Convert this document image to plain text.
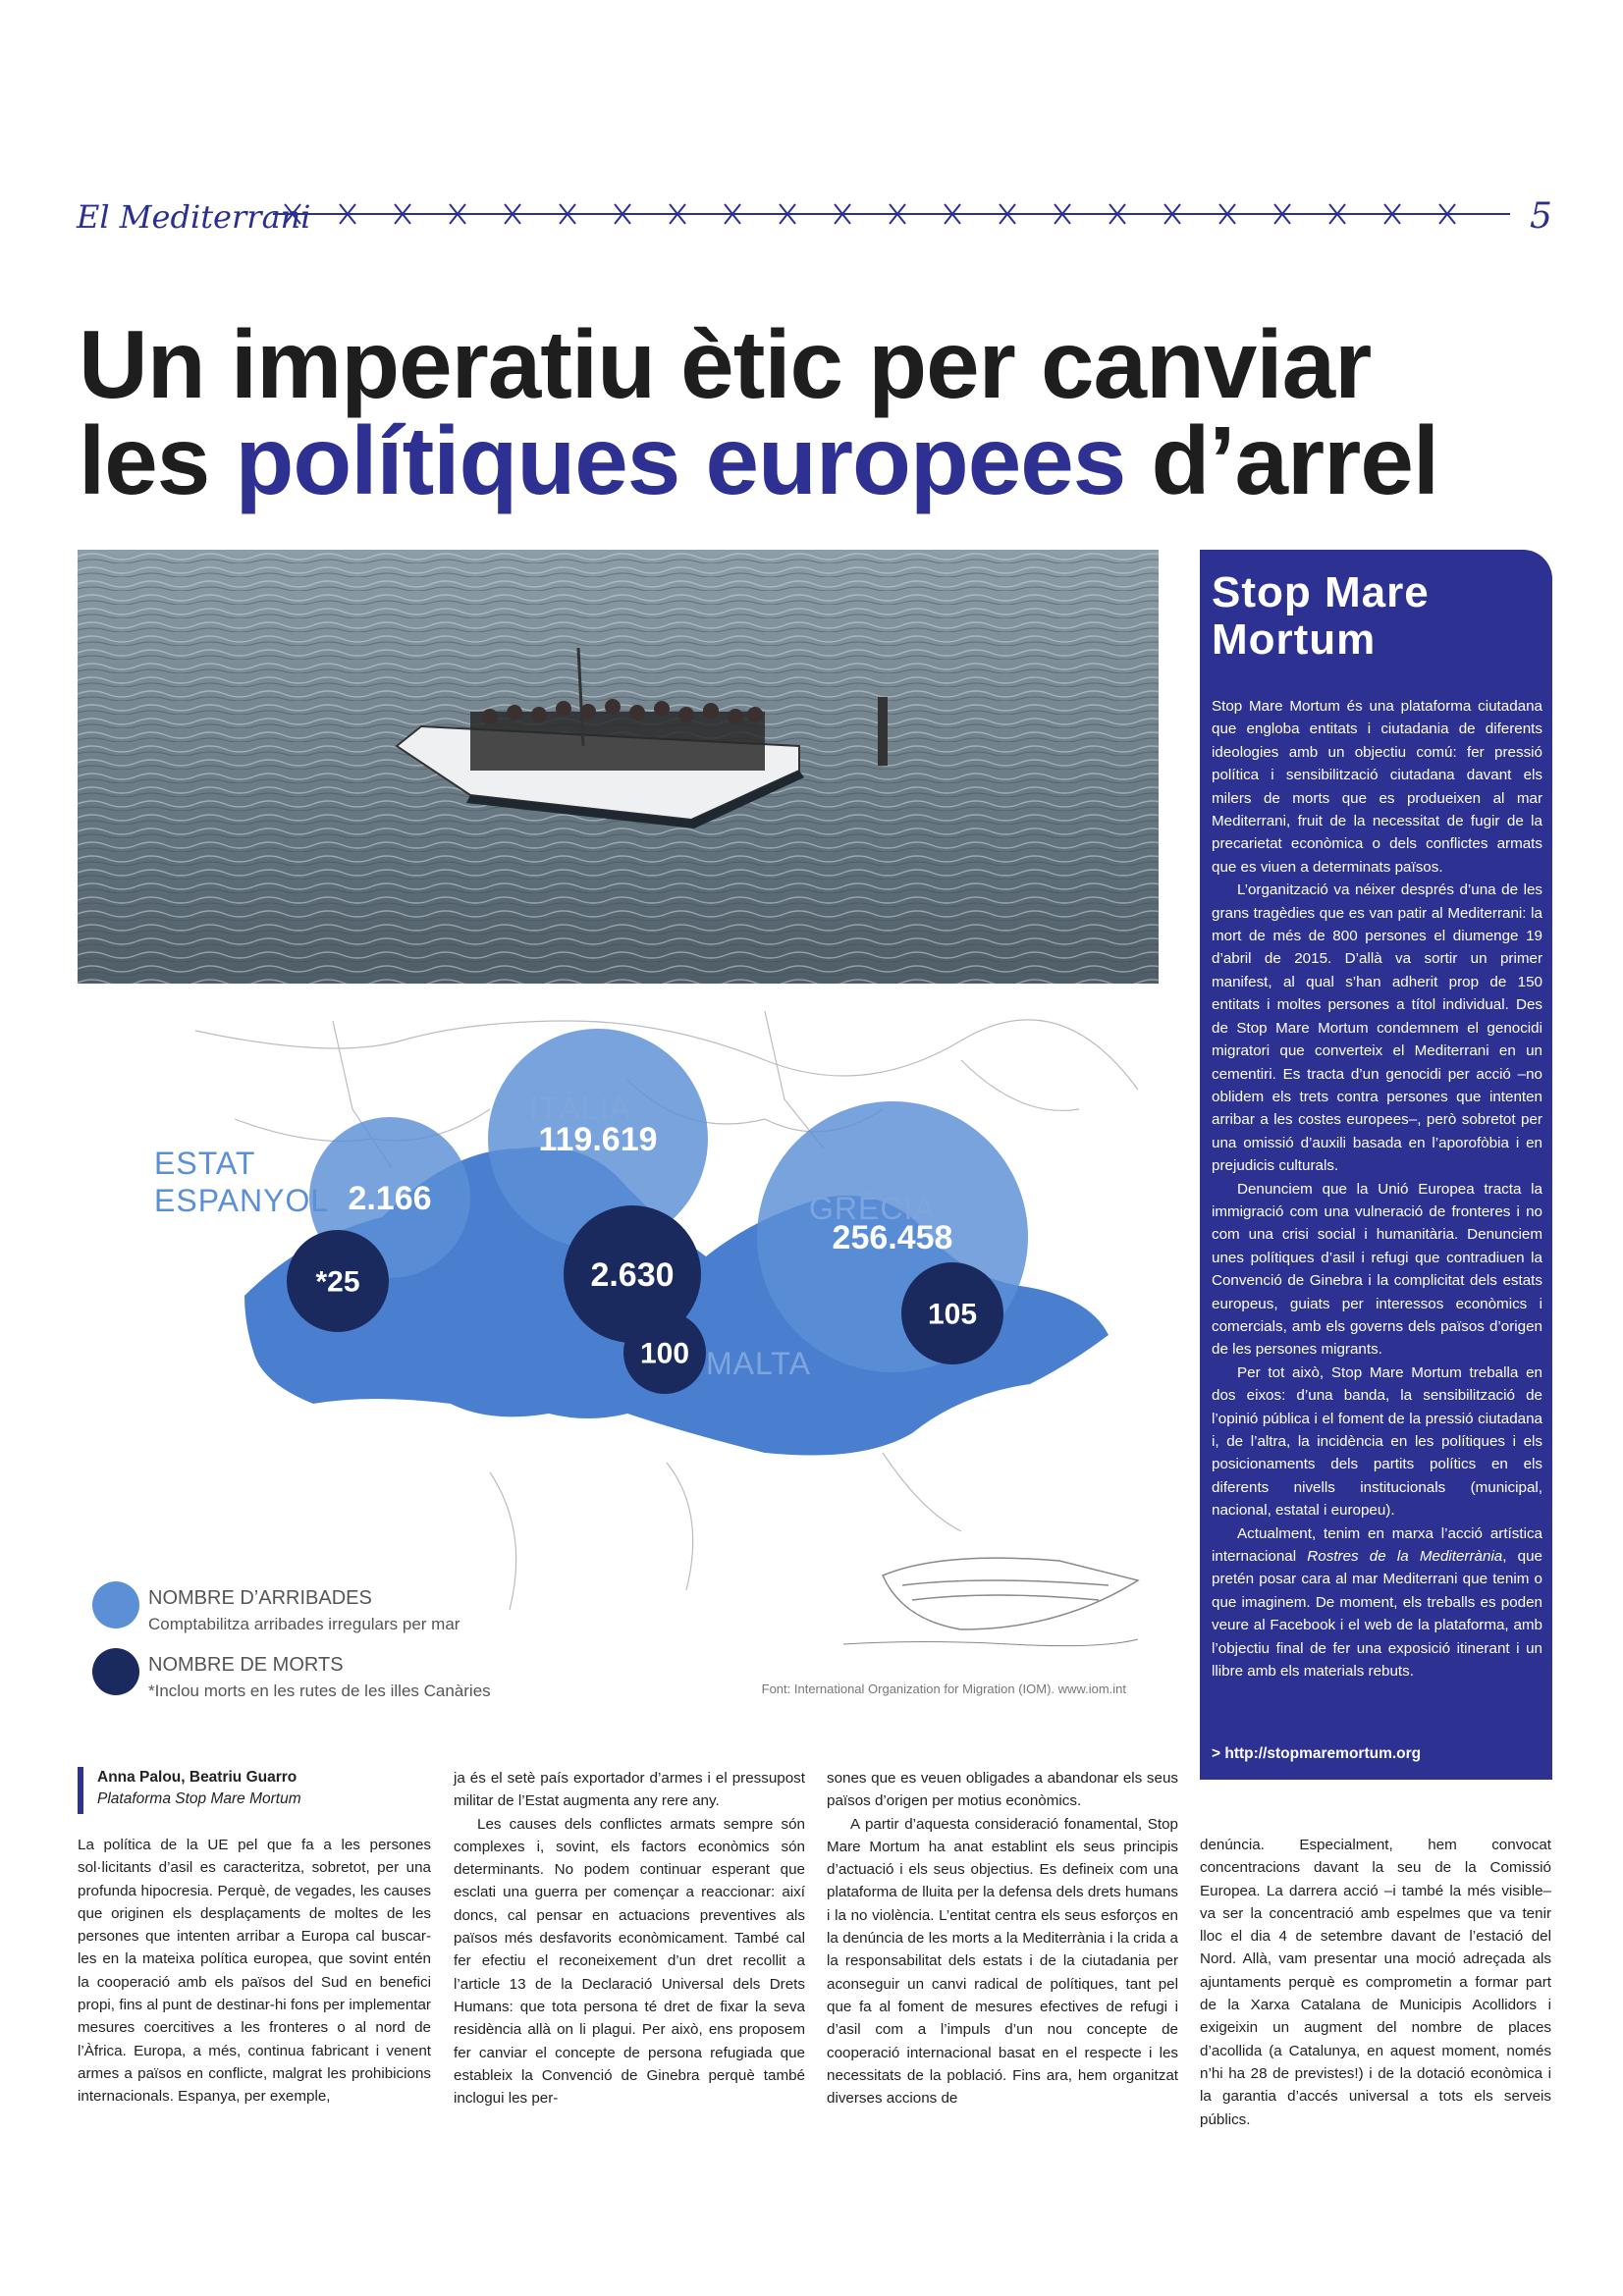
El Mediterrani	5
Un imperatiu ètic per canviar
les polítiques europees d’arrel
2.166
119.619
256.458
*25	2.630
100
105
ESTAT
ESPANYOL
ITÀLIA
MALTA
GRÈCIA
NOMBRE D’ARRIBADES
Comptabilitza arribades irregulars per mar
NOMBRE DE MORTS
*Inclou morts en les rutes de les illes Canàries	Font: International Organization for Migration (IOM). www.iom.int
Stop Mare Mortum

Stop Mare Mortum és una plataforma ciutadana que engloba entitats i ciutadania de diferents ideologies amb un objectiu comú: fer pressió política i sensibilització ciutadana davant els milers de morts que es produeixen al mar Mediterrani, fruit de la necessitat de fugir de la precarietat econòmica o dels conflictes armats que es viuen a determinats països.

L’organització va néixer després d’una de les grans tragèdies que es van patir al Mediterrani: la mort de més de 800 persones el diumenge 19 d’abril de 2015. D’allà va sortir un primer manifest, al qual s’han adherit prop de 150 entitats i moltes persones a títol individual. Des de Stop Mare Mortum condemnem el genocidi migratori que converteix el Mediterrani en un cementiri. Es tracta d’un genocidi per acció –no oblidem els trets contra persones que intenten arribar a les costes europees–, però sobretot per una omissió d’auxili basada en l’aporofòbia i en prejudicis culturals.

Denunciem que la Unió Europea tracta la immigració com una vulneració de fronteres i no com una crisi social i humanitària. Denunciem unes polítiques d’asil i refugi que contradiuen la Convenció de Ginebra i la complicitat dels estats europeus, guiats per interessos econòmics i comercials, amb els governs dels països d’origen de les persones migrants.

Per tot això, Stop Mare Mortum treballa en dos eixos: d’una banda, la sensibilització de l’opinió pública i el foment de la pressió ciutadana i, de l’altra, la incidència en les polítiques i els posicionaments dels partits polítics en els diferents nivells institucionals (municipal, nacional, estatal i europeu).

Actualment, tenim en marxa l’acció artística internacional Rostres de la Mediterrània, que pretén posar cara al mar Mediterrani que tenim o que imaginem. De moment, els treballs es poden veure al Facebook i el web de la plataforma, amb l’objectiu final de fer una exposició itinerant i un llibre amb els materials rebuts.

> http://stopmaremortum.org
Anna Palou, Beatriu Guarro
Plataforma Stop Mare Mortum

La política de la UE pel que fa a les persones sol·licitants d’asil es caracteritza, sobretot, per una profunda hipocresia. Perquè, de vegades, les causes que originen els desplaçaments de moltes de les persones que intenten arribar a Europa cal buscar-les en la mateixa política europea, que sovint entén la cooperació amb els països del Sud en benefici propi, fins al punt de destinar-hi fons per implementar mesures coercitives a les fronteres o al nord de l’Àfrica. Europa, a més, continua fabricant i venent armes a països en conflicte, malgrat les prohibicions internacionals. Espanya, per exemple,

ja és el setè país exportador d’armes i el pressupost militar de l’Estat augmenta any rere any.

Les causes dels conflictes armats sempre són complexes i, sovint, els factors econòmics són determinants. No podem continuar esperant que esclati una guerra per començar a reaccionar: així doncs, cal pensar en actuacions preventives als països més desfavorits econòmicament. També cal fer efectiu el reconeixement d’un dret recollit a l’article 13 de la Declaració Universal dels Drets Humans: que tota persona té dret de fixar la seva residència allà on li plagui. Per això, ens proposem fer canviar el concepte de persona refugiada que estableix la Convenció de Ginebra perquè també inclogui les per-

sones que es veuen obligades a abandonar els seus països d’origen per motius econòmics.

A partir d’aquesta consideració fonamental, Stop Mare Mortum ha anat establint els seus principis d’actuació i els seus objectius. Es defineix com una plataforma de lluita per la defensa dels drets humans i la no violència. L’entitat centra els seus esforços en la denúncia de les morts a la Mediterrània i la crida a la responsabilitat dels estats i de la ciutadania per aconseguir un canvi radical de polítiques, tant pel que fa al foment de mesures efectives de refugi i d’asil com a l’impuls d’un nou concepte de cooperació internacional basat en el respecte i les necessitats de la població. Fins ara, hem organitzat diverses accions de

denúncia. Especialment, hem convocat concentracions davant la seu de la Comissió Europea. La darrera acció –i també la més visible– va ser la concentració amb espelmes que va tenir lloc el dia 4 de setembre davant de l’estació del Nord. Allà, vam presentar una moció adreçada als ajuntaments perquè es comprometin a formar part de la Xarxa Catalana de Municipis Acollidors i exigeixin un augment del nombre de places d’acollida (a Catalunya, en aquest moment, només n’hi ha 28 de previstes!) i de la dotació econòmica i la garantia d’accés universal a tots els serveis públics.
